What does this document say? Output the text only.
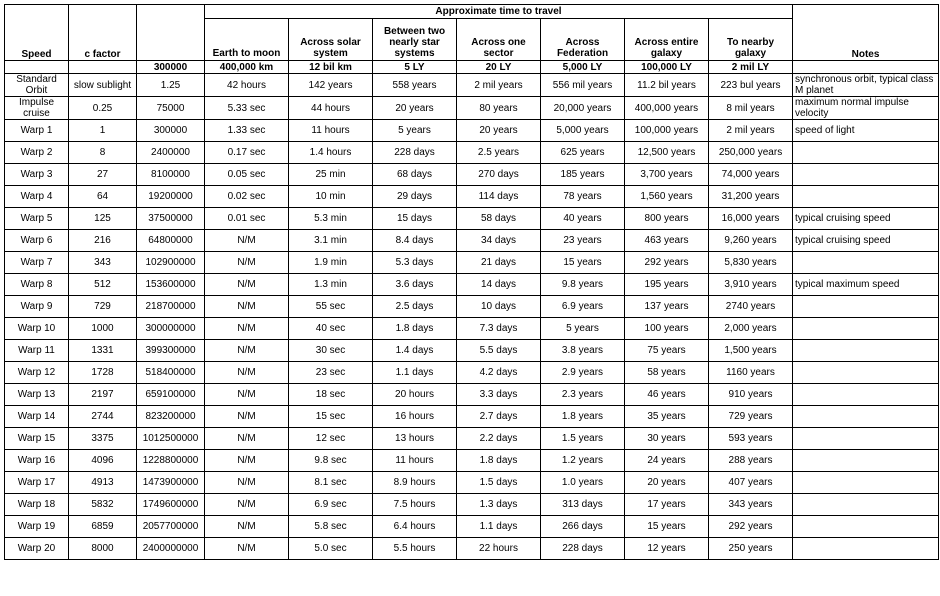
Speed	c factor		Approximate time to travel							Notes
			Earth to moon	Across solar system	Between two nearly star systems	Across one sector	Across Federation	Across entire galaxy	To nearby galaxy	
		300000	400,000 km	12 bil km	5 LY	20 LY	5,000 LY	100,000 LY	2 mil LY	
Standard Orbit	slow sublight	1.25	42 hours	142 years	558 years	2 mil years	556 mil years	11.2 bil years	223 bul years	synchronous orbit, typical class M planet
Impulse cruise	0.25	75000	5.33 sec	44 hours	20 years	80 years	20,000 years	400,000 years	8 mil years	maximum normal impulse velocity
Warp 1	1	300000	1.33 sec	11 hours	5 years	20 years	5,000 years	100,000 years	2 mil years	speed of light
Warp 2	8	2400000	0.17 sec	1.4 hours	228 days	2.5 years	625 years	12,500 years	250,000 years	
Warp 3	27	8100000	0.05 sec	25 min	68 days	270 days	185 years	3,700 years	74,000 years	
Warp 4	64	19200000	0.02 sec	10 min	29 days	114 days	78 years	1,560 years	31,200 years	
Warp 5	125	37500000	0.01 sec	5.3 min	15 days	58 days	40 years	800 years	16,000 years	typical cruising speed
Warp 6	216	64800000	N/M	3.1 min	8.4 days	34 days	23 years	463 years	9,260 years	typical cruising speed
Warp 7	343	102900000	N/M	1.9 min	5.3 days	21 days	15 years	292 years	5,830 years	
Warp 8	512	153600000	N/M	1.3 min	3.6 days	14 days	9.8 years	195 years	3,910 years	typical maximum speed
Warp 9	729	218700000	N/M	55 sec	2.5 days	10 days	6.9 years	137 years	2740 years	
Warp 10	1000	300000000	N/M	40 sec	1.8 days	7.3 days	5 years	100 years	2,000 years	
Warp 11	1331	399300000	N/M	30 sec	1.4 days	5.5 days	3.8 years	75 years	1,500 years	
Warp 12	1728	518400000	N/M	23 sec	1.1 days	4.2 days	2.9 years	58 years	1160 years	
Warp 13	2197	659100000	N/M	18 sec	20 hours	3.3 days	2.3 years	46 years	910 years	
Warp 14	2744	823200000	N/M	15 sec	16 hours	2.7 days	1.8 years	35 years	729 years	
Warp 15	3375	1012500000	N/M	12 sec	13 hours	2.2 days	1.5 years	30 years	593 years	
Warp 16	4096	1228800000	N/M	9.8 sec	11 hours	1.8 days	1.2 years	24 years	288 years	
Warp 17	4913	1473900000	N/M	8.1 sec	8.9 hours	1.5 days	1.0 years	20 years	407 years	
Warp 18	5832	1749600000	N/M	6.9 sec	7.5 hours	1.3 days	313 days	17 years	343 years	
Warp 19	6859	2057700000	N/M	5.8 sec	6.4 hours	1.1 days	266 days	15 years	292 years	
Warp 20	8000	2400000000	N/M	5.0 sec	5.5 hours	22 hours	228 days	12 years	250 years	
